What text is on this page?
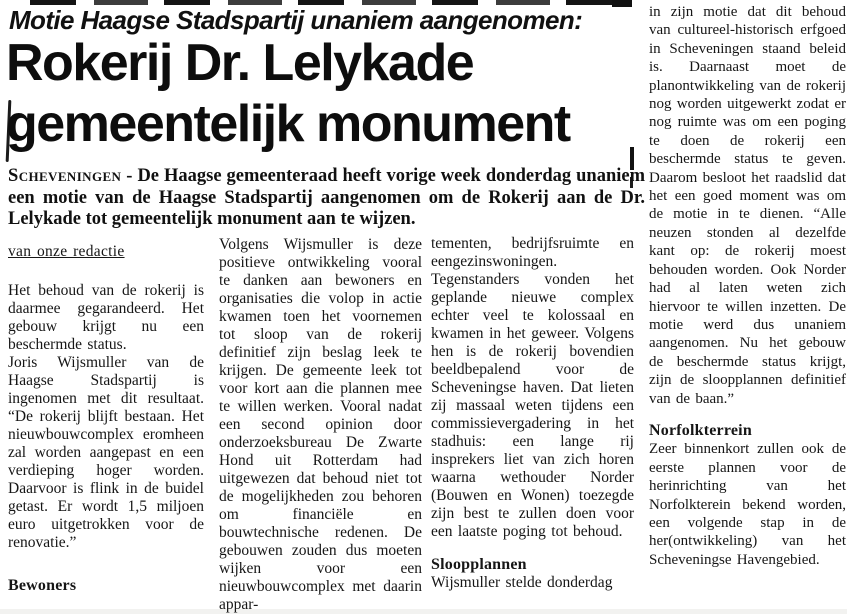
Motie Haagse Stadspartij unaniem aangenomen:
Rokerij Dr. Lelykade
gemeentelijk monument
Scheveningen - De Haagse gemeenteraad heeft vorige week donderdag unaniem een motie van de Haagse Stadspartij aangenomen om de Rokerij aan de Dr. Lelykade tot gemeentelijk monument aan te wijzen.
van onze redactie

Het behoud van de rokerij is daarmee gegarandeerd. Het gebouw krijgt nu een beschermde status.

Joris Wijsmuller van de Haagse Stadspartij is ingenomen met dit resultaat. “De rokerij blijft bestaan. Het nieuwbouwcomplex eromheen zal worden aangepast en een verdieping hoger worden. Daarvoor is flink in de buidel getast. Er wordt 1,5 miljoen euro uitgetrokken voor de renovatie.”

Bewoners

Volgens Wijsmuller is deze positieve ontwikkeling vooral te danken aan bewoners en organisaties die volop in actie kwamen toen het voornemen tot sloop van de rokerij definitief zijn beslag leek te krijgen. De gemeente leek tot voor kort aan die plannen mee te willen werken. Vooral nadat een second opinion door onderzoeksbureau De Zwarte Hond uit Rotterdam had uitgewezen dat behoud niet tot de mogelijkheden zou behoren om financiële en bouwtechnische redenen. De gebouwen zouden dus moeten wijken voor een nieuwbouwcomplex met daarin appar-

tementen, bedrijfsruimte en eengezinswoningen. Tegenstanders vonden het geplande nieuwe complex echter veel te kolossaal en kwamen in het geweer. Volgens hen is de rokerij bovendien beeldbepalend voor de Scheveningse haven. Dat lieten zij massaal weten tijdens een commissievergadering in het stadhuis: een lange rij insprekers liet van zich horen waarna wethouder Norder (Bouwen en Wonen) toezegde zijn best te zullen doen voor een laatste poging tot behoud.

Sloopplannen

Wijsmuller stelde donderdag

in zijn motie dat dit behoud van cultureel-historisch erfgoed in Scheveningen staand beleid is. Daarnaast moet de planontwikkeling van de rokerij nog worden uitgewerkt zodat er nog ruimte was om een poging te doen de rokerij een beschermde status te geven. Daarom besloot het raadslid dat het een goed moment was om de motie in te dienen. “Alle neuzen stonden al dezelfde kant op: de rokerij moest behouden worden. Ook Norder had al laten weten zich hiervoor te willen inzetten. De motie werd dus unaniem aangenomen. Nu het gebouw de beschermde status krijgt, zijn de sloopplannen definitief van de baan.”

Norfolkterrein

Zeer binnenkort zullen ook de eerste plannen voor de herinrichting van het Norfolkterein bekend worden, een volgende stap in de her(ontwikkeling) van het Scheveningse Havengebied.
